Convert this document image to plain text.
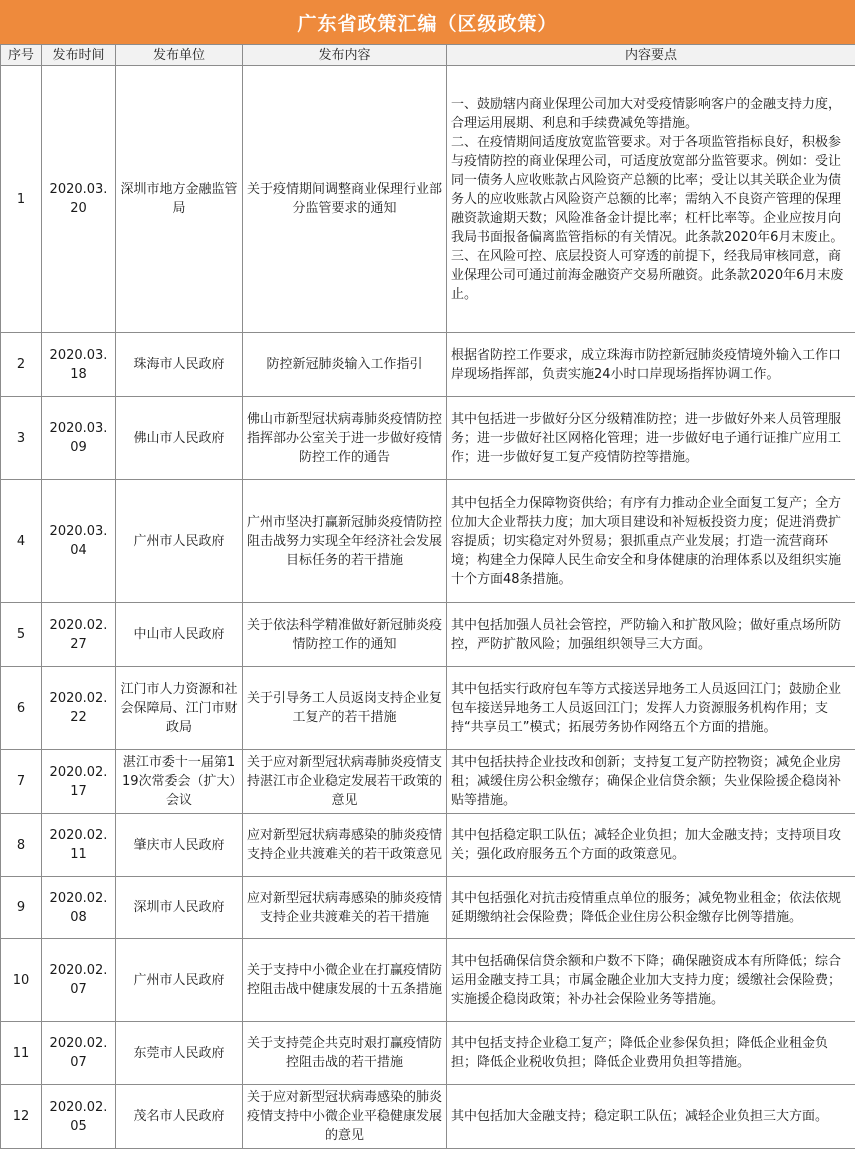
广东省政策汇编（区级政策）
序号	发布时间	发布单位	发布内容	内容要点
1	2020.03.20	深圳市地方金融监管局	关于疫情期间调整商业保理行业部分监管要求的通知	一、鼓励辖内商业保理公司加大对受疫情影响客户的金融支持力度，合理运用展期、利息和手续费减免等措施。
二、在疫情期间适度放宽监管要求。对于各项监管指标良好，积极参与疫情防控的商业保理公司，可适度放宽部分监管要求。例如：受让同一债务人应收账款占风险资产总额的比率；受让以其关联企业为债务人的应收账款占风险资产总额的比率；需纳入不良资产管理的保理融资款逾期天数；风险准备金计提比率；杠杆比率等。企业应按月向我局书面报备偏离监管指标的有关情况。此条款2020年6月末废止。
三、在风险可控、底层投资人可穿透的前提下，经我局审核同意，商业保理公司可通过前海金融资产交易所融资。此条款2020年6月末废止。
2	2020.03.18	珠海市人民政府	防控新冠肺炎输入工作指引	根据省防控工作要求，成立珠海市防控新冠肺炎疫情境外输入工作口岸现场指挥部，负责实施24小时口岸现场指挥协调工作。
3	2020.03.09	佛山市人民政府	佛山市新型冠状病毒肺炎疫情防控指挥部办公室关于进一步做好疫情防控工作的通告	其中包括进一步做好分区分级精准防控；进一步做好外来人员管理服务；进一步做好社区网格化管理；进一步做好电子通行证推广应用工作；进一步做好复工复产疫情防控等措施。
4	2020.03.04	广州市人民政府	广州市坚决打赢新冠肺炎疫情防控阻击战努力实现全年经济社会发展目标任务的若干措施	其中包括全力保障物资供给；有序有力推动企业全面复工复产；全方位加大企业帮扶力度；加大项目建设和补短板投资力度；促进消费扩容提质；切实稳定对外贸易；狠抓重点产业发展；打造一流营商环境；构建全力保障人民生命安全和身体健康的治理体系以及组织实施十个方面48条措施。
5	2020.02.27	中山市人民政府	关于依法科学精准做好新冠肺炎疫情防控工作的通知	其中包括加强人员社会管控，严防输入和扩散风险；做好重点场所防控，严防扩散风险；加强组织领导三大方面。
6	2020.02.22	江门市人力资源和社会保障局、江门市财政局	关于引导务工人员返岗支持企业复工复产的若干措施	其中包括实行政府包车等方式接送异地务工人员返回江门；鼓励企业包车接送异地务工人员返回江门；发挥人力资源服务机构作用；支持“共享员工”模式；拓展劳务协作网络五个方面的措施。
7	2020.02.17	湛江市委十一届第119次常委会（扩大）会议	关于应对新型冠状病毒肺炎疫情支持湛江市企业稳定发展若干政策的意见	其中包括扶持企业技改和创新；支持复工复产防控物资；减免企业房租；减缓住房公积金缴存；确保企业信贷余额；失业保险援企稳岗补贴等措施。
8	2020.02.11	肇庆市人民政府	应对新型冠状病毒感染的肺炎疫情支持企业共渡难关的若干政策意见	其中包括稳定职工队伍；减轻企业负担；加大金融支持；支持项目攻关；强化政府服务五个方面的政策意见。
9	2020.02.08	深圳市人民政府	应对新型冠状病毒感染的肺炎疫情支持企业共渡难关的若干措施	其中包括强化对抗击疫情重点单位的服务；减免物业租金；依法依规延期缴纳社会保险费；降低企业住房公积金缴存比例等措施。
10	2020.02.07	广州市人民政府	关于支持中小微企业在打赢疫情防控阻击战中健康发展的十五条措施	其中包括确保信贷余额和户数不下降；确保融资成本有所降低；综合运用金融支持工具；市属金融企业加大支持力度；缓缴社会保险费；实施援企稳岗政策；补办社会保险业务等措施。
11	2020.02.07	东莞市人民政府	关于支持莞企共克时艰打赢疫情防控阻击战的若干措施	其中包括支持企业稳工复产；降低企业参保负担；降低企业租金负担；降低企业税收负担；降低企业费用负担等措施。
12	2020.02.05	茂名市人民政府	关于应对新型冠状病毒感染的肺炎疫情支持中小微企业平稳健康发展的意见	其中包括加大金融支持；稳定职工队伍；减轻企业负担三大方面。
